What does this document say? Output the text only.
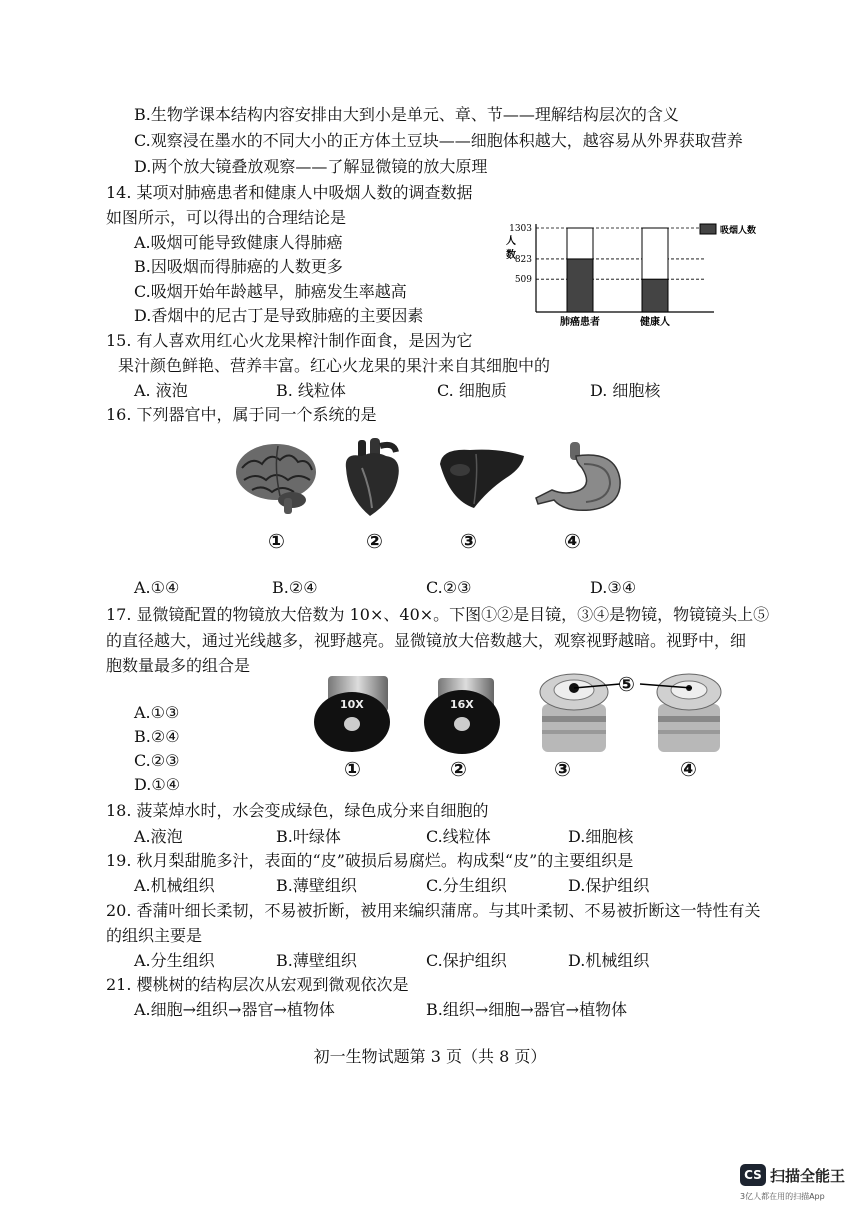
B.生物学课本结构内容安排由大到小是单元、章、节——理解结构层次的含义
C.观察浸在墨水的不同大小的正方体土豆块——细胞体积越大，越容易从外界获取营养
D.两个放大镜叠放观察——了解显微镜的放大原理
14. 某项对肺癌患者和健康人中吸烟人数的调查数据
如图所示，可以得出的合理结论是
A.吸烟可能导致健康人得肺癌
B.因吸烟而得肺癌的人数更多
C.吸烟开始年龄越早，肺癌发生率越高
D.香烟中的尼古丁是导致肺癌的主要因素
人
数
509
823
1303
肺癌患者	健康人
吸烟人数
15. 有人喜欢用红心火龙果榨汁制作面食，是因为它
果汁颜色鲜艳、营养丰富。红心火龙果的果汁来自其细胞中的
A. 液泡	B. 线粒体	C. 细胞质	D. 细胞核
16. 下列器官中，属于同一个系统的是
①	②	③	④
A.①④	B.②④	C.②③	D.③④
17. 显微镜配置的物镜放大倍数为 10×、40×。下图①②是目镜，③④是物镜，物镜镜头上⑤
的直径越大，通过光线越多，视野越亮。显微镜放大倍数越大，观察视野越暗。视野中，细
胞数量最多的组合是
A.①③
B.②④
C.②③
D.①④
10X	16X
⑤
①	②	③	④
18. 菠菜焯水时，水会变成绿色，绿色成分来自细胞的
A.液泡	B.叶绿体	C.线粒体	D.细胞核
19. 秋月梨甜脆多汁，表面的“皮”破损后易腐烂。构成梨“皮”的主要组织是
A.机械组织	B.薄壁组织	C.分生组织	D.保护组织
20. 香蒲叶细长柔韧，不易被折断，被用来编织蒲席。与其叶柔韧、不易被折断这一特性有关
的组织主要是
A.分生组织	B.薄壁组织	C.保护组织	D.机械组织
21. 樱桃树的结构层次从宏观到微观依次是
A.细胞→组织→器官→植物体	B.组织→细胞→器官→植物体
初一生物试题第 3 页（共 8 页）
CS 扫描全能王
3亿人都在用的扫描App
